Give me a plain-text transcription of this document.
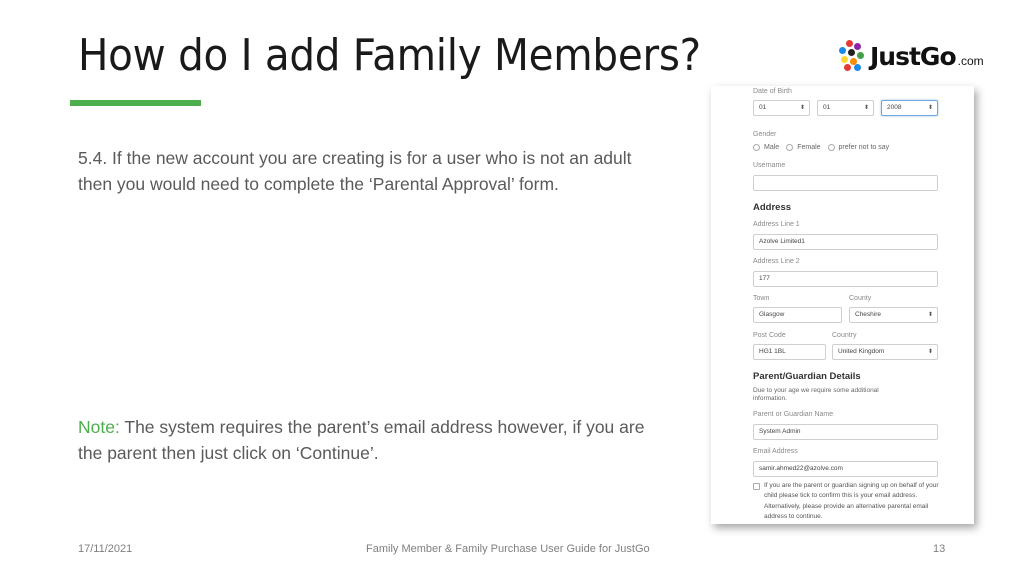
How do I add Family Members?	JustGo .com
5.4. If the new account you are creating is for a user who is not an adult then you would need to complete the ‘Parental Approval’ form.
Note: The system requires the parent’s email address however, if you are the parent then just click on ‘Continue’.
17/11/2021	Family Member & Family Purchase User Guide for JustGo	13
Date of Birth
01	⬍	01	⬍	2008	⬍
Gender
Male	Female	prefer not to say
Username
Address
Address Line 1
Azolve Limited1
Address Line 2
177
Town	County
Glasgow	Cheshire	⬍
Post Code	Country
HG1 1BL	United Kingdom	⬍
Parent/Guardian Details
Due to your age we require some additional information.
Parent or Guardian Name
System Admin
Email Address
samir.ahmed22@azolve.com
If you are the parent or guardian signing up on behalf of your child please tick to confirm this is your email address. Alternatively, please provide an alternative parental email address to continue.
